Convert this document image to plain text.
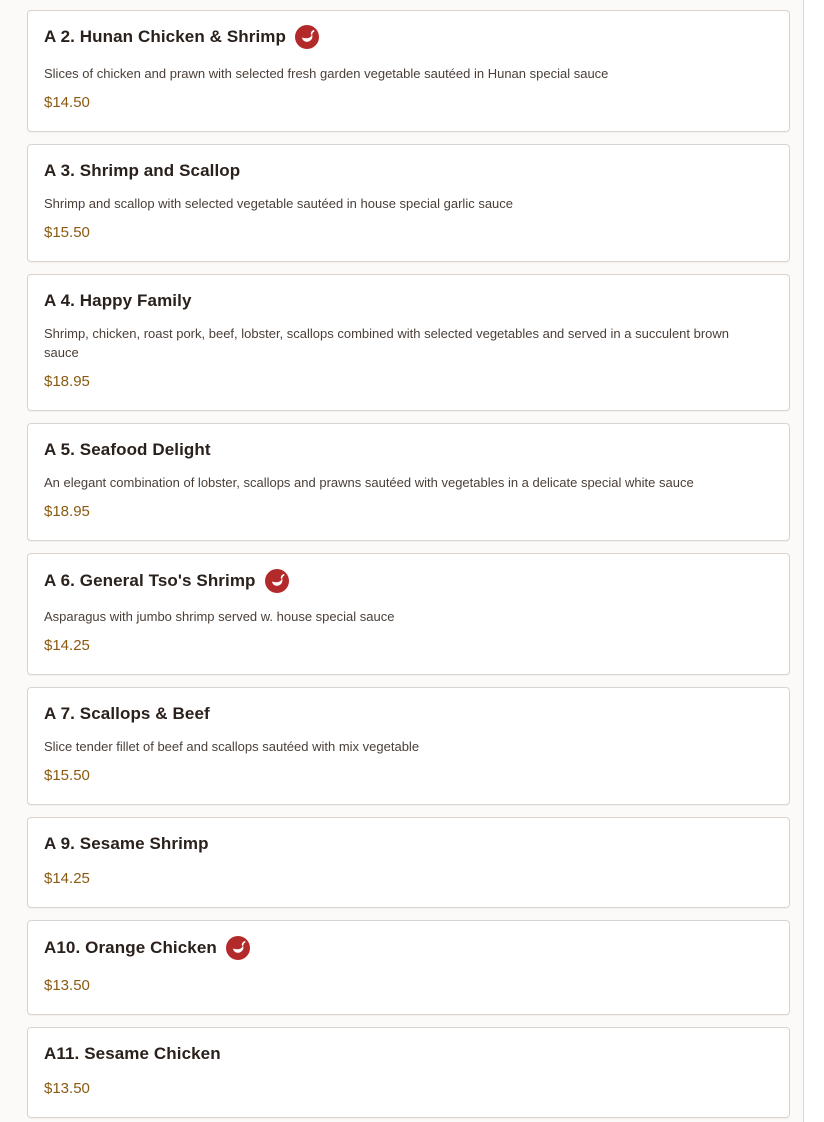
A 2. Hunan Chicken & Shrimp
Slices of chicken and prawn with selected fresh garden vegetable sautéed in Hunan special sauce
$14.50
A 3. Shrimp and Scallop
Shrimp and scallop with selected vegetable sautéed in house special garlic sauce
$15.50
A 4. Happy Family
Shrimp, chicken, roast pork, beef, lobster, scallops combined with selected vegetables and served in a succulent brown sauce
$18.95
A 5. Seafood Delight
An elegant combination of lobster, scallops and prawns sautéed with vegetables in a delicate special white sauce
$18.95
A 6. General Tso's Shrimp
Asparagus with jumbo shrimp served w. house special sauce
$14.25
A 7. Scallops & Beef
Slice tender fillet of beef and scallops sautéed with mix vegetable
$15.50
A 9. Sesame Shrimp
$14.25
A10. Orange Chicken
$13.50
A11. Sesame Chicken
$13.50
